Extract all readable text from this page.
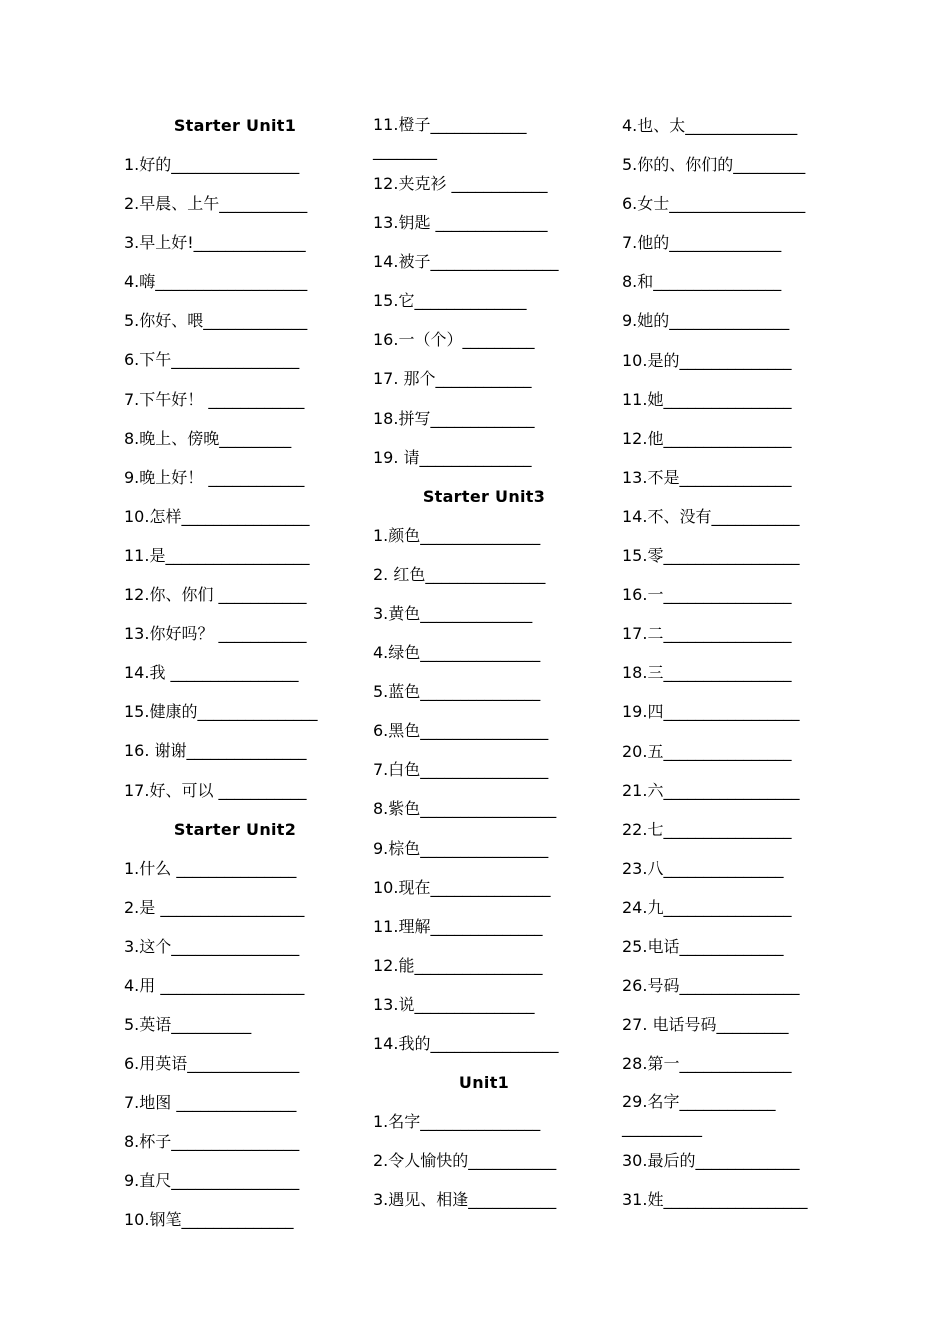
Starter Unit1
1.好的________________
2.早晨、上午___________
3.早上好!______________
4.嗨___________________
5.你好、喂_____________
6.下午________________
7.下午好！ ____________
8.晚上、傍晚_________
9.晚上好！ ____________
10.怎样________________
11.是__________________
12.你、你们 ___________
13.你好吗？ ___________
14.我 ________________
15.健康的_______________
16. 谢谢_______________
17.好、可以 ___________
Starter Unit2
1.什么 _______________
2.是 __________________
3.这个________________
4.用 __________________
5.英语__________
6.用英语______________
7.地图 _______________
8.杯子________________
9.直尺________________
10.钢笔______________
11.橙子____________ ________
12.夹克衫 ____________
13.钥匙 ______________
14.被子________________
15.它______________
16.一（个）_________
17. 那个____________
18.拼写_____________
19. 请______________
Starter Unit3
1.颜色_______________
2. 红色_______________
3.黄色______________
4.绿色_______________
5.蓝色_______________
6.黑色________________
7.白色________________
8.紫色_________________
9.棕色________________
10.现在_______________
11.理解______________
12.能________________
13.说_______________
14.我的________________
Unit1
1.名字_______________
2.令人愉快的___________
3.遇见、相逢___________
4.也、太______________
5.你的、你们的_________
6.女士_________________
7.他的______________
8.和________________
9.她的_______________
10.是的______________
11.她________________
12.他________________
13.不是______________
14.不、没有___________
15.零_________________
16.一________________
17.二________________
18.三________________
19.四_________________
20.五________________
21.六_________________
22.七________________
23.八_______________
24.九________________
25.电话_____________
26.号码_______________
27. 电话号码_________
28.第一______________
29.名字____________ __________
30.最后的_____________
31.姓__________________
